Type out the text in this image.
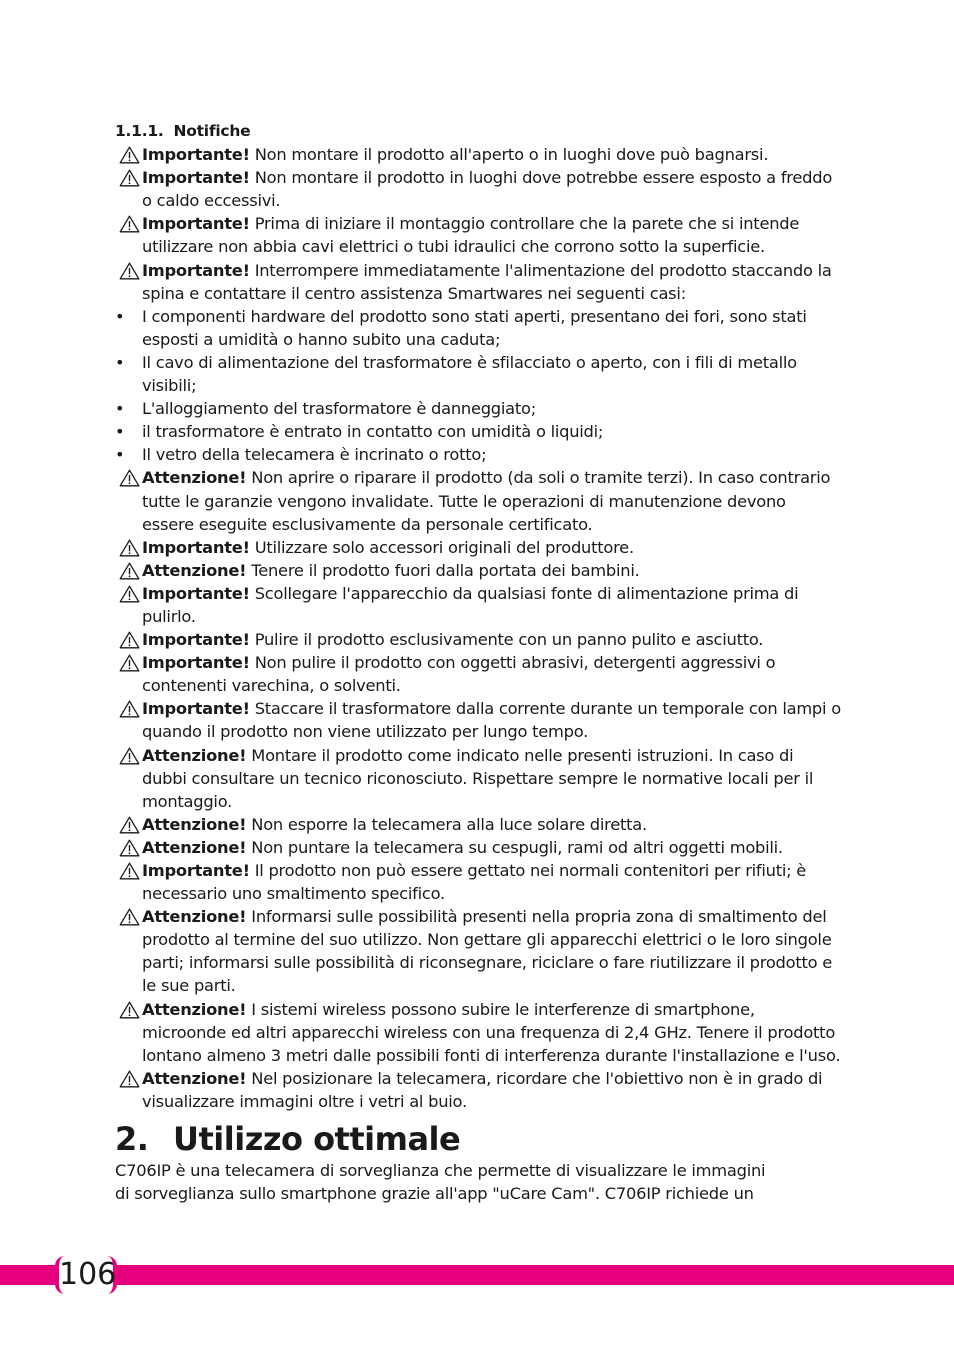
1.1.1. Notifiche
Importante! Non montare il prodotto all'aperto o in luoghi dove può bagnarsi.
Importante! Non montare il prodotto in luoghi dove potrebbe essere esposto a freddo o caldo eccessivi.
Importante! Prima di iniziare il montaggio controllare che la parete che si intende utilizzare non abbia cavi elettrici o tubi idraulici che corrono sotto la superficie.
Importante! Interrompere immediatamente l'alimentazione del prodotto staccando la spina e contattare il centro assistenza Smartwares nei seguenti casi:
• I componenti hardware del prodotto sono stati aperti, presentano dei fori, sono stati esposti a umidità o hanno subito una caduta;
• Il cavo di alimentazione del trasformatore è sfilacciato o aperto, con i fili di metallo visibili;
• L'alloggiamento del trasformatore è danneggiato;
• il trasformatore è entrato in contatto con umidità o liquidi;
• Il vetro della telecamera è incrinato o rotto;
Attenzione! Non aprire o riparare il prodotto (da soli o tramite terzi). In caso contrario tutte le garanzie vengono invalidate. Tutte le operazioni di manutenzione devono essere eseguite esclusivamente da personale certificato.
Importante! Utilizzare solo accessori originali del produttore.
Attenzione! Tenere il prodotto fuori dalla portata dei bambini.
Importante! Scollegare l'apparecchio da qualsiasi fonte di alimentazione prima di pulirlo.
Importante! Pulire il prodotto esclusivamente con un panno pulito e asciutto.
Importante! Non pulire il prodotto con oggetti abrasivi, detergenti aggressivi o contenenti varechina, o solventi.
Importante! Staccare il trasformatore dalla corrente durante un temporale con lampi o quando il prodotto non viene utilizzato per lungo tempo.
Attenzione! Montare il prodotto come indicato nelle presenti istruzioni. In caso di dubbi consultare un tecnico riconosciuto. Rispettare sempre le normative locali per il montaggio.
Attenzione! Non esporre la telecamera alla luce solare diretta.
Attenzione! Non puntare la telecamera su cespugli, rami od altri oggetti mobili.
Importante! Il prodotto non può essere gettato nei normali contenitori per rifiuti; è necessario uno smaltimento specifico.
Attenzione! Informarsi sulle possibilità presenti nella propria zona di smaltimento del prodotto al termine del suo utilizzo. Non gettare gli apparecchi elettrici o le loro singole parti; informarsi sulle possibilità di riconsegnare, riciclare o fare riutilizzare il prodotto e le sue parti.
Attenzione! I sistemi wireless possono subire le interferenze di smartphone, microonde ed altri apparecchi wireless con una frequenza di 2,4 GHz. Tenere il prodotto lontano almeno 3 metri dalle possibili fonti di interferenza durante l'installazione e l'uso.
Attenzione! Nel posizionare la telecamera, ricordare che l'obiettivo non è in grado di visualizzare immagini oltre i vetri al buio.
2. Utilizzo ottimale
C706IP è una telecamera di sorveglianza che permette di visualizzare le immagini di sorveglianza sullo smartphone grazie all'app "uCare Cam". C706IP richiede un
106
